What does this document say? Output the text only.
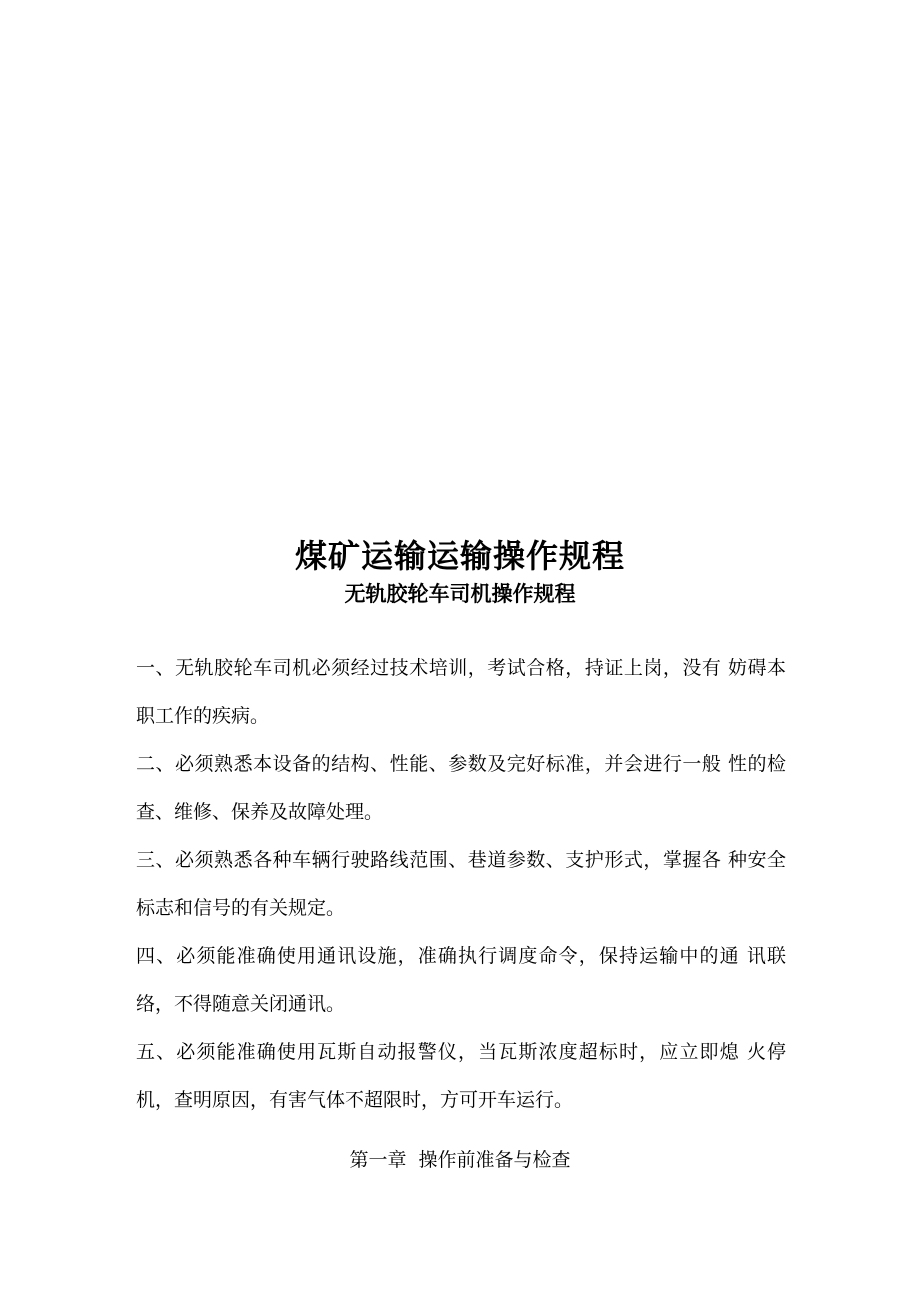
煤矿运输运输操作规程
无轨胶轮车司机操作规程

一、无轨胶轮车司机必须经过技术培训，考试合格，持证上岗，没有 妨碍本职工作的疾病。

二、必须熟悉本设备的结构、性能、参数及完好标准，并会进行一般 性的检查、维修、保养及故障处理。

三、必须熟悉各种车辆行驶路线范围、巷道参数、支护形式，掌握各 种安全标志和信号的有关规定。

四、必须能准确使用通讯设施，准确执行调度命令，保持运输中的通 讯联络，不得随意关闭通讯。

五、必须能准确使用瓦斯自动报警仪，当瓦斯浓度超标时，应立即熄 火停机，查明原因，有害气体不超限时，方可开车运行。

第一章  操作前准备与检查
